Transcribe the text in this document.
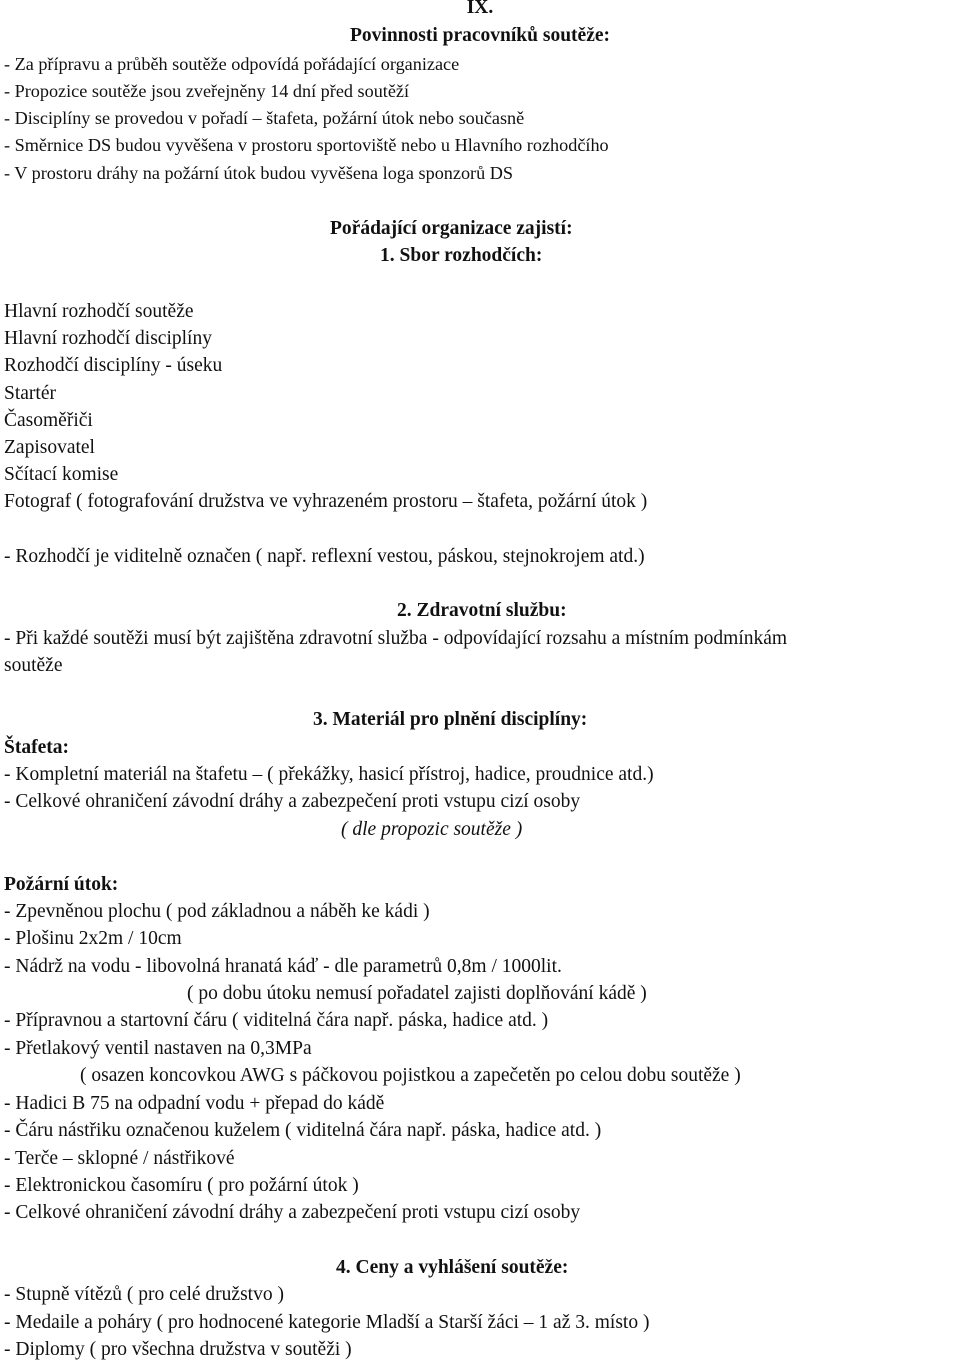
IX.
Povinnosti pracovníků soutěže:
- Za přípravu a průběh soutěže odpovídá pořádající organizace
- Propozice soutěže jsou zveřejněny 14 dní před soutěží
- Disciplíny se provedou v pořadí – štafeta, požární útok nebo současně
- Směrnice DS budou vyvěšena v prostoru sportoviště nebo u Hlavního rozhodčího
- V prostoru dráhy na požární útok budou vyvěšena loga sponzorů DS
Pořádající organizace zajistí:
1. Sbor rozhodčích:
Hlavní rozhodčí soutěže
Hlavní rozhodčí disciplíny
Rozhodčí disciplíny - úseku
Startér
Časoměřiči
Zapisovatel
Sčítací komise
Fotograf ( fotografování družstva ve vyhrazeném prostoru – štafeta, požární útok )
- Rozhodčí je viditelně označen ( např. reflexní vestou, páskou, stejnokrojem atd.)
2. Zdravotní službu:
- Při každé soutěži musí být zajištěna zdravotní služba - odpovídající rozsahu a místním podmínkám
soutěže
3. Materiál pro plnění disciplíny:
Štafeta:
- Kompletní materiál na štafetu – ( překážky, hasicí přístroj, hadice, proudnice atd.)
- Celkové ohraničení závodní dráhy a zabezpečení proti vstupu cizí osoby
( dle propozic soutěže )
Požární útok:
- Zpevněnou plochu ( pod základnou a náběh ke kádi )
- Plošinu 2x2m / 10cm
- Nádrž na vodu - libovolná hranatá káď - dle parametrů 0,8m / 1000lit.
( po dobu útoku nemusí pořadatel zajisti doplňování kádě )
- Přípravnou a startovní čáru ( viditelná čára např. páska, hadice atd. )
- Přetlakový ventil nastaven na 0,3MPa
( osazen koncovkou AWG s páčkovou pojistkou a zapečetěn po celou dobu soutěže )
- Hadici B 75 na odpadní vodu + přepad do kádě
- Čáru nástřiku označenou kuželem ( viditelná čára např. páska, hadice atd. )
- Terče – sklopné / nástřikové
- Elektronickou časomíru ( pro požární útok )
- Celkové ohraničení závodní dráhy a zabezpečení proti vstupu cizí osoby
4. Ceny a vyhlášení soutěže:
- Stupně vítězů ( pro celé družstvo )
- Medaile a poháry ( pro hodnocené kategorie Mladší a Starší žáci – 1 až 3. místo )
- Diplomy ( pro všechna družstva v soutěži )
